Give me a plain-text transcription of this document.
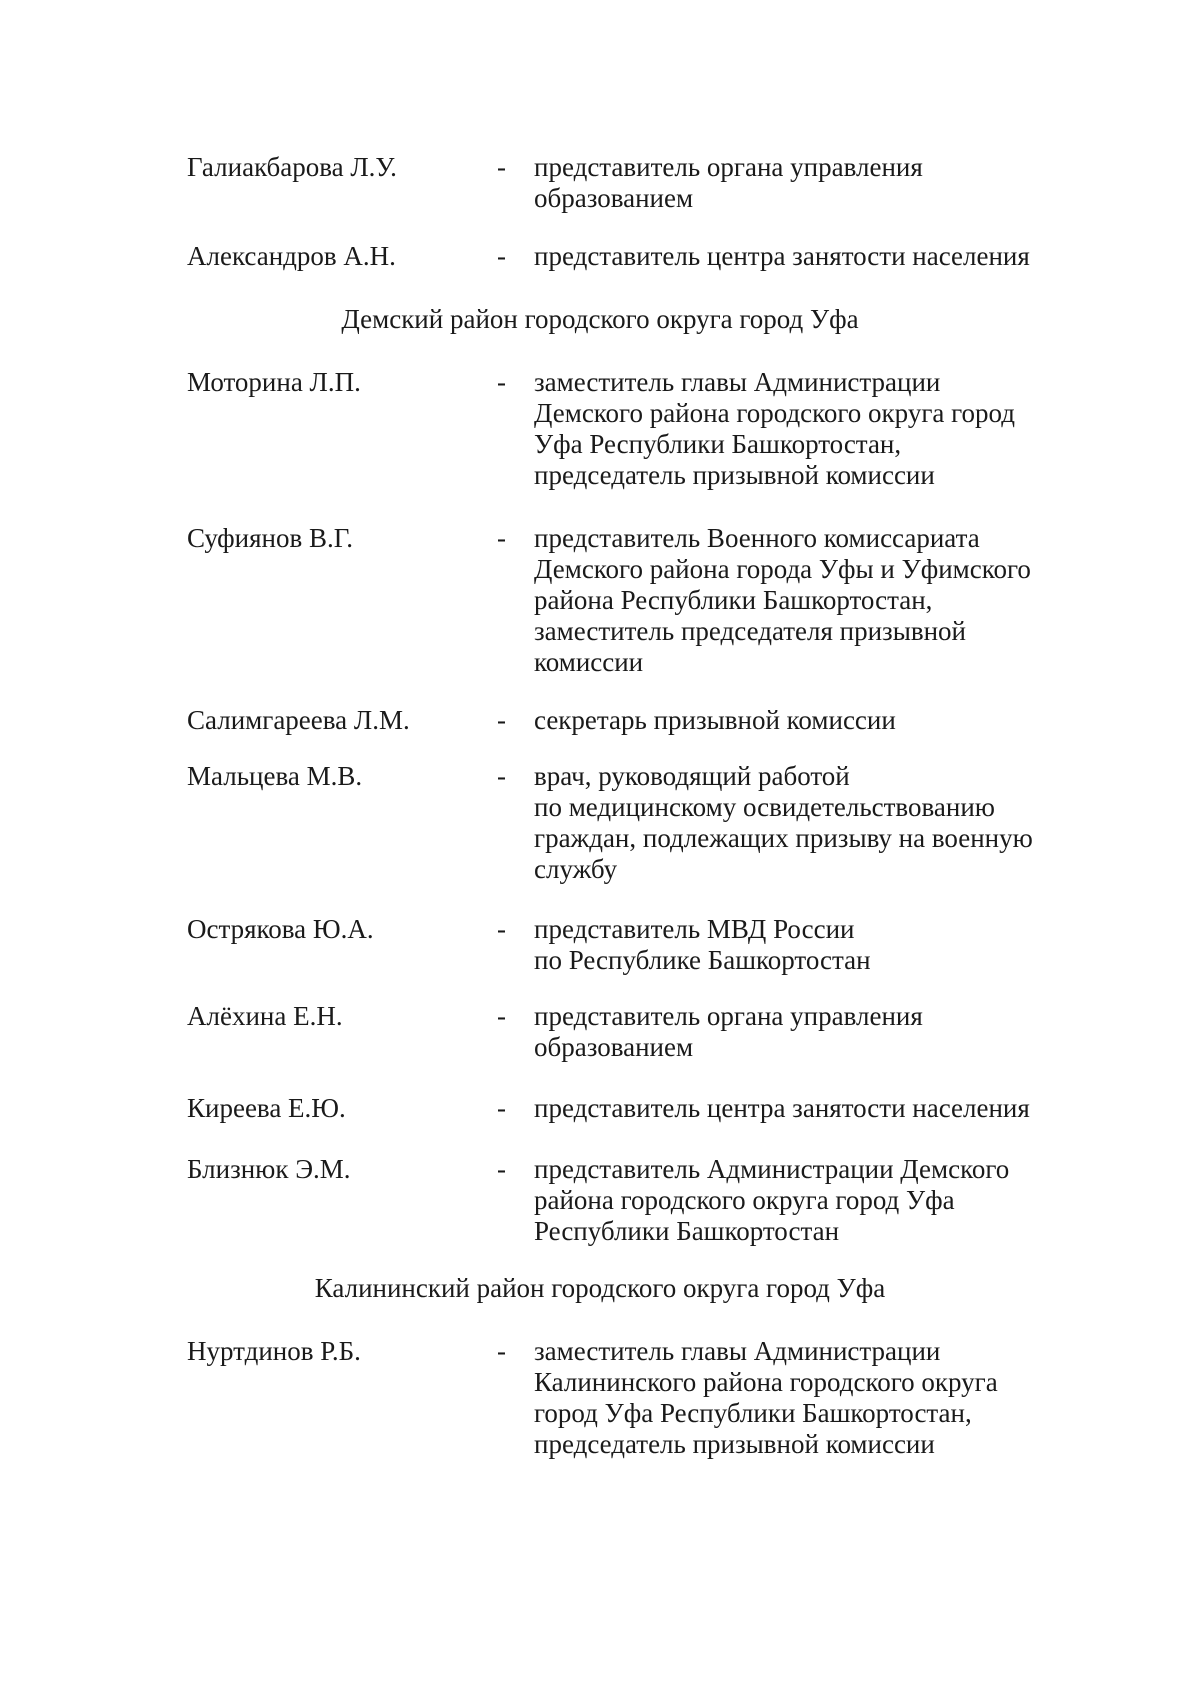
Галиакбарова Л.У.	- представитель органа управления
образованием
Александров А.Н.	- представитель центра занятости населения
Демский район городского округа город Уфа
Моторина Л.П.	- заместитель главы Администрации
Демского района городского округа город
Уфа Республики Башкортостан,
председатель призывной комиссии
Суфиянов В.Г.	- представитель Военного комиссариата
Демского района города Уфы и Уфимского
района Республики Башкортостан,
заместитель председателя призывной
комиссии
Салимгареева Л.М.	- секретарь призывной комиссии
Мальцева М.В.	- врач, руководящий работой
по медицинскому освидетельствованию
граждан, подлежащих призыву на военную
службу
Острякова Ю.А.	- представитель МВД России
по Республике Башкортостан
Алёхина Е.Н.	- представитель органа управления
образованием
Киреева Е.Ю.	- представитель центра занятости населения
Близнюк Э.М.	- представитель Администрации Демского
района городского округа город Уфа
Республики Башкортостан
Калининский район городского округа город Уфа
Нуртдинов Р.Б.	- заместитель главы Администрации
Калининского района городского округа
город Уфа Республики Башкортостан,
председатель призывной комиссии
